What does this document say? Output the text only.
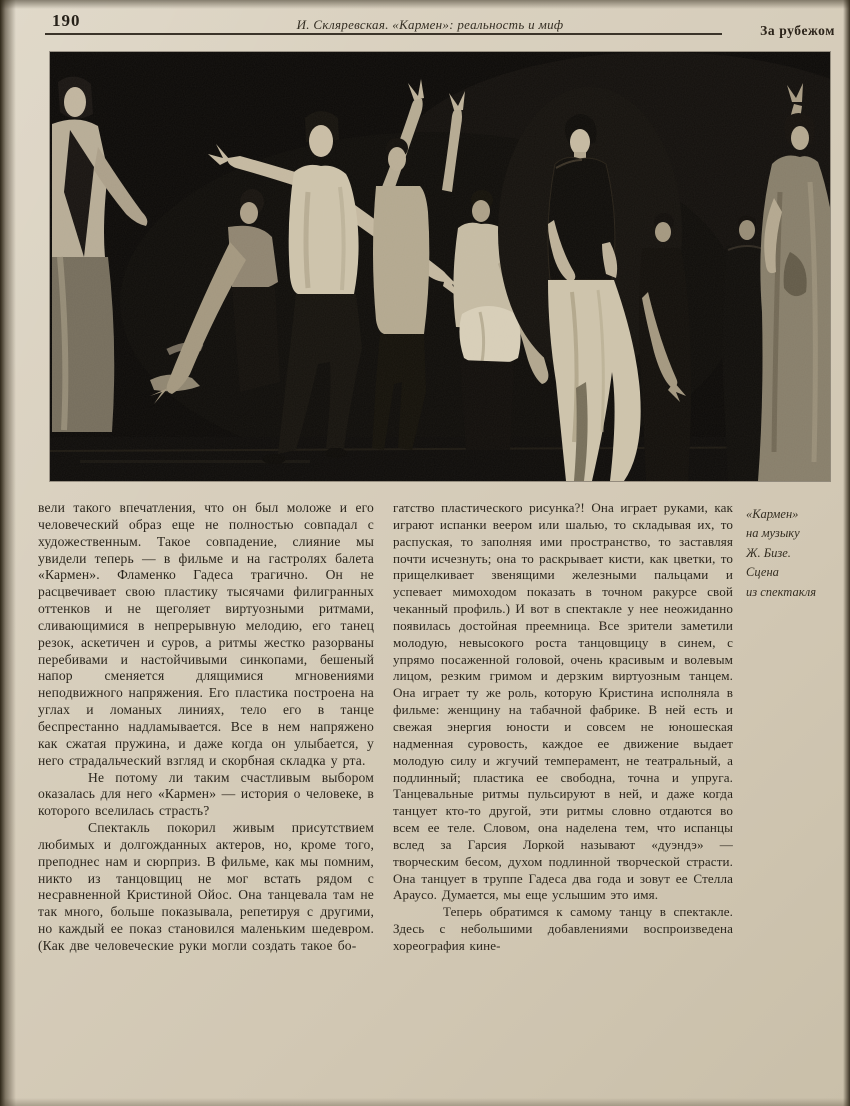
190	И. Скляревская. «Кармен»: реальность и миф	За рубежом
«Кармен»
на музыку
Ж. Бизе.
Сцена
из спектакля

вели такого впечатления, что он был моложе и его человеческий образ еще не полностью совпадал с художественным. Такое совпадение, слияние мы увидели теперь — в фильме и на гастролях балета «Кармен». Фламенко Гадеса трагично. Он не расцвечивает свою пластику тысячами филигранных оттенков и не щеголяет виртуозными ритмами, сливающимися в непрерывную мелодию, его танец резок, аскетичен и суров, а ритмы жестко разорваны перебивами и настойчивыми синкопами, бешеный напор сменяется длящимися мгновениями неподвижного напряжения. Его пластика построена на углах и ломаных линиях, тело его в танце беспрестанно надламывается. Все в нем напряжено как сжатая пружина, и даже когда он улыбается, у него страдальческий взгляд и скорбная складка у рта.

Не потому ли таким счастливым выбором оказалась для него «Кармен» — история о человеке, в которого вселилась страсть?

Спектакль покорил живым присутствием любимых и долгожданных актеров, но, кроме того, преподнес нам и сюрприз. В фильме, как мы помним, никто из танцовщиц не мог встать рядом с несравненной Кристиной Ойос. Она танцевала там не так много, больше показывала, репетируя с другими, но каждый ее показ становился маленьким шедевром. (Как две человеческие руки могли создать такое бо-

гатство пластического рисунка?! Она играет руками, как играют испанки веером или шалью, то складывая их, то распуская, то заполняя ими пространство, то заставляя почти исчезнуть; она то раскрывает кисти, как цветки, то прищелкивает звенящими железными пальцами и успевает мимоходом показать в точном ракурсе свой чеканный профиль.) И вот в спектакле у нее неожиданно появилась достойная преемница. Все зрители заметили молодую, невысокого роста танцовщицу в синем, с упрямо посаженной головой, очень красивым и волевым лицом, резким гримом и дерзким виртуозным танцем. Она играет ту же роль, которую Кристина исполняла в фильме: женщину на табачной фабрике. В ней есть и свежая энергия юности и совсем не юношеская надменная суровость, каждое ее движение выдает молодую силу и жгучий темперамент, не театральный, а подлинный; пластика ее свободна, точна и упруга. Танцевальные ритмы пульсируют в ней, и даже когда танцует кто-то другой, эти ритмы словно отдаются во всем ее теле. Словом, она наделена тем, что испанцы вслед за Гарсия Лоркой называют «дуэндэ» — творческим бесом, духом подлинной творческой страсти. Она танцует в труппе Гадеса два года и зовут ее Стелла Араусо. Думается, мы еще услышим это имя.

Теперь обратимся к самому танцу в спектакле. Здесь с небольшими добавлениями воспроизведена хореография кине-
